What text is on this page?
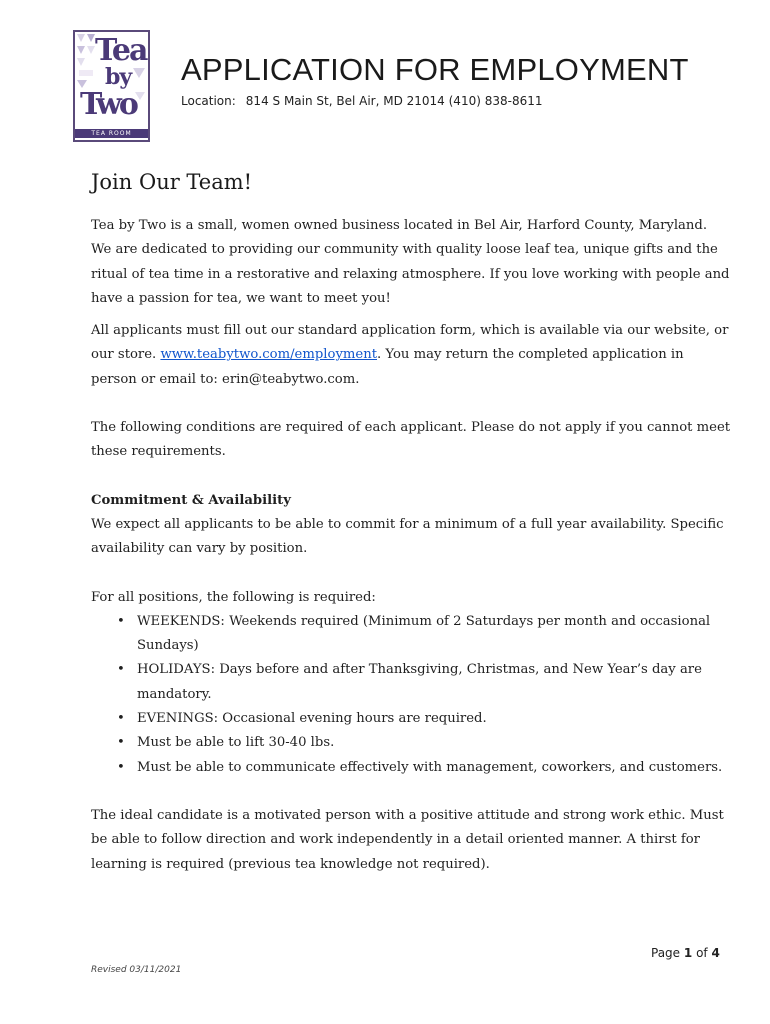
Tea
by
Two
TEA ROOM
APPLICATION FOR EMPLOYMENT
Location: 814 S Main St, Bel Air, MD 21014 (410) 838-8611
Join Our Team!

Tea by Two is a small, women owned business located in Bel Air, Harford County, Maryland. We are dedicated to providing our community with quality loose leaf tea, unique gifts and the ritual of tea time in a restorative and relaxing atmosphere. If you love working with people and have a passion for tea, we want to meet you!

All applicants must fill out our standard application form, which is available via our website, or our store. www.teabytwo.com/employment. You may return the completed application in person or email to: erin@teabytwo.com.

The following conditions are required of each applicant. Please do not apply if you cannot meet these requirements.

Commitment & Availability

We expect all applicants to be able to commit for a minimum of a full year availability. Specific availability can vary by position.

For all positions, the following is required:

• WEEKENDS: Weekends required (Minimum of 2 Saturdays per month and occasional Sundays)
• HOLIDAYS: Days before and after Thanksgiving, Christmas, and New Year’s day are mandatory.
• EVENINGS: Occasional evening hours are required.
• Must be able to lift 30-40 lbs.
• Must be able to communicate effectively with management, coworkers, and customers.

The ideal candidate is a motivated person with a positive attitude and strong work ethic. Must be able to follow direction and work independently in a detail oriented manner. A thirst for learning is required (previous tea knowledge not required).

Page 1 of 4
Revised 03/11/2021
